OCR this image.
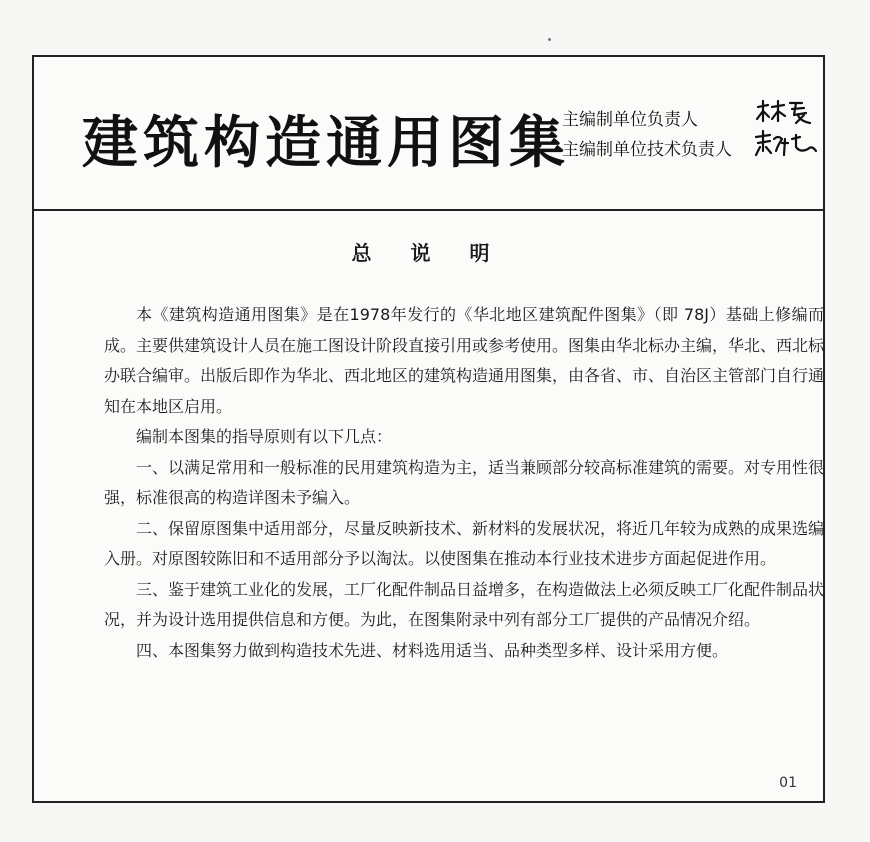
建筑构造通用图集
主编制单位负责人
主编制单位技术负责人
总 说 明

本《建筑构造通用图集》是在1978年发行的《华北地区建筑配件图集》（即 78J）基础上修编而成。主要供建筑设计人员在施工图设计阶段直接引用或参考使用。图集由华北标办主编，华北、西北标办联合编审。出版后即作为华北、西北地区的建筑构造通用图集，由各省、市、自治区主管部门自行通知在本地区启用。

编制本图集的指导原则有以下几点：

一、以满足常用和一般标准的民用建筑构造为主，适当兼顾部分较高标准建筑的需要。对专用性很强，标准很高的构造详图未予编入。

二、保留原图集中适用部分，尽量反映新技术、新材料的发展状况，将近几年较为成熟的成果选编入册。对原图较陈旧和不适用部分予以淘汰。以使图集在推动本行业技术进步方面起促进作用。

三、鉴于建筑工业化的发展，工厂化配件制品日益增多，在构造做法上必须反映工厂化配件制品状况，并为设计选用提供信息和方便。为此，在图集附录中列有部分工厂提供的产品情况介绍。

四、本图集努力做到构造技术先进、材料选用适当、品种类型多样、设计采用方便。

01
